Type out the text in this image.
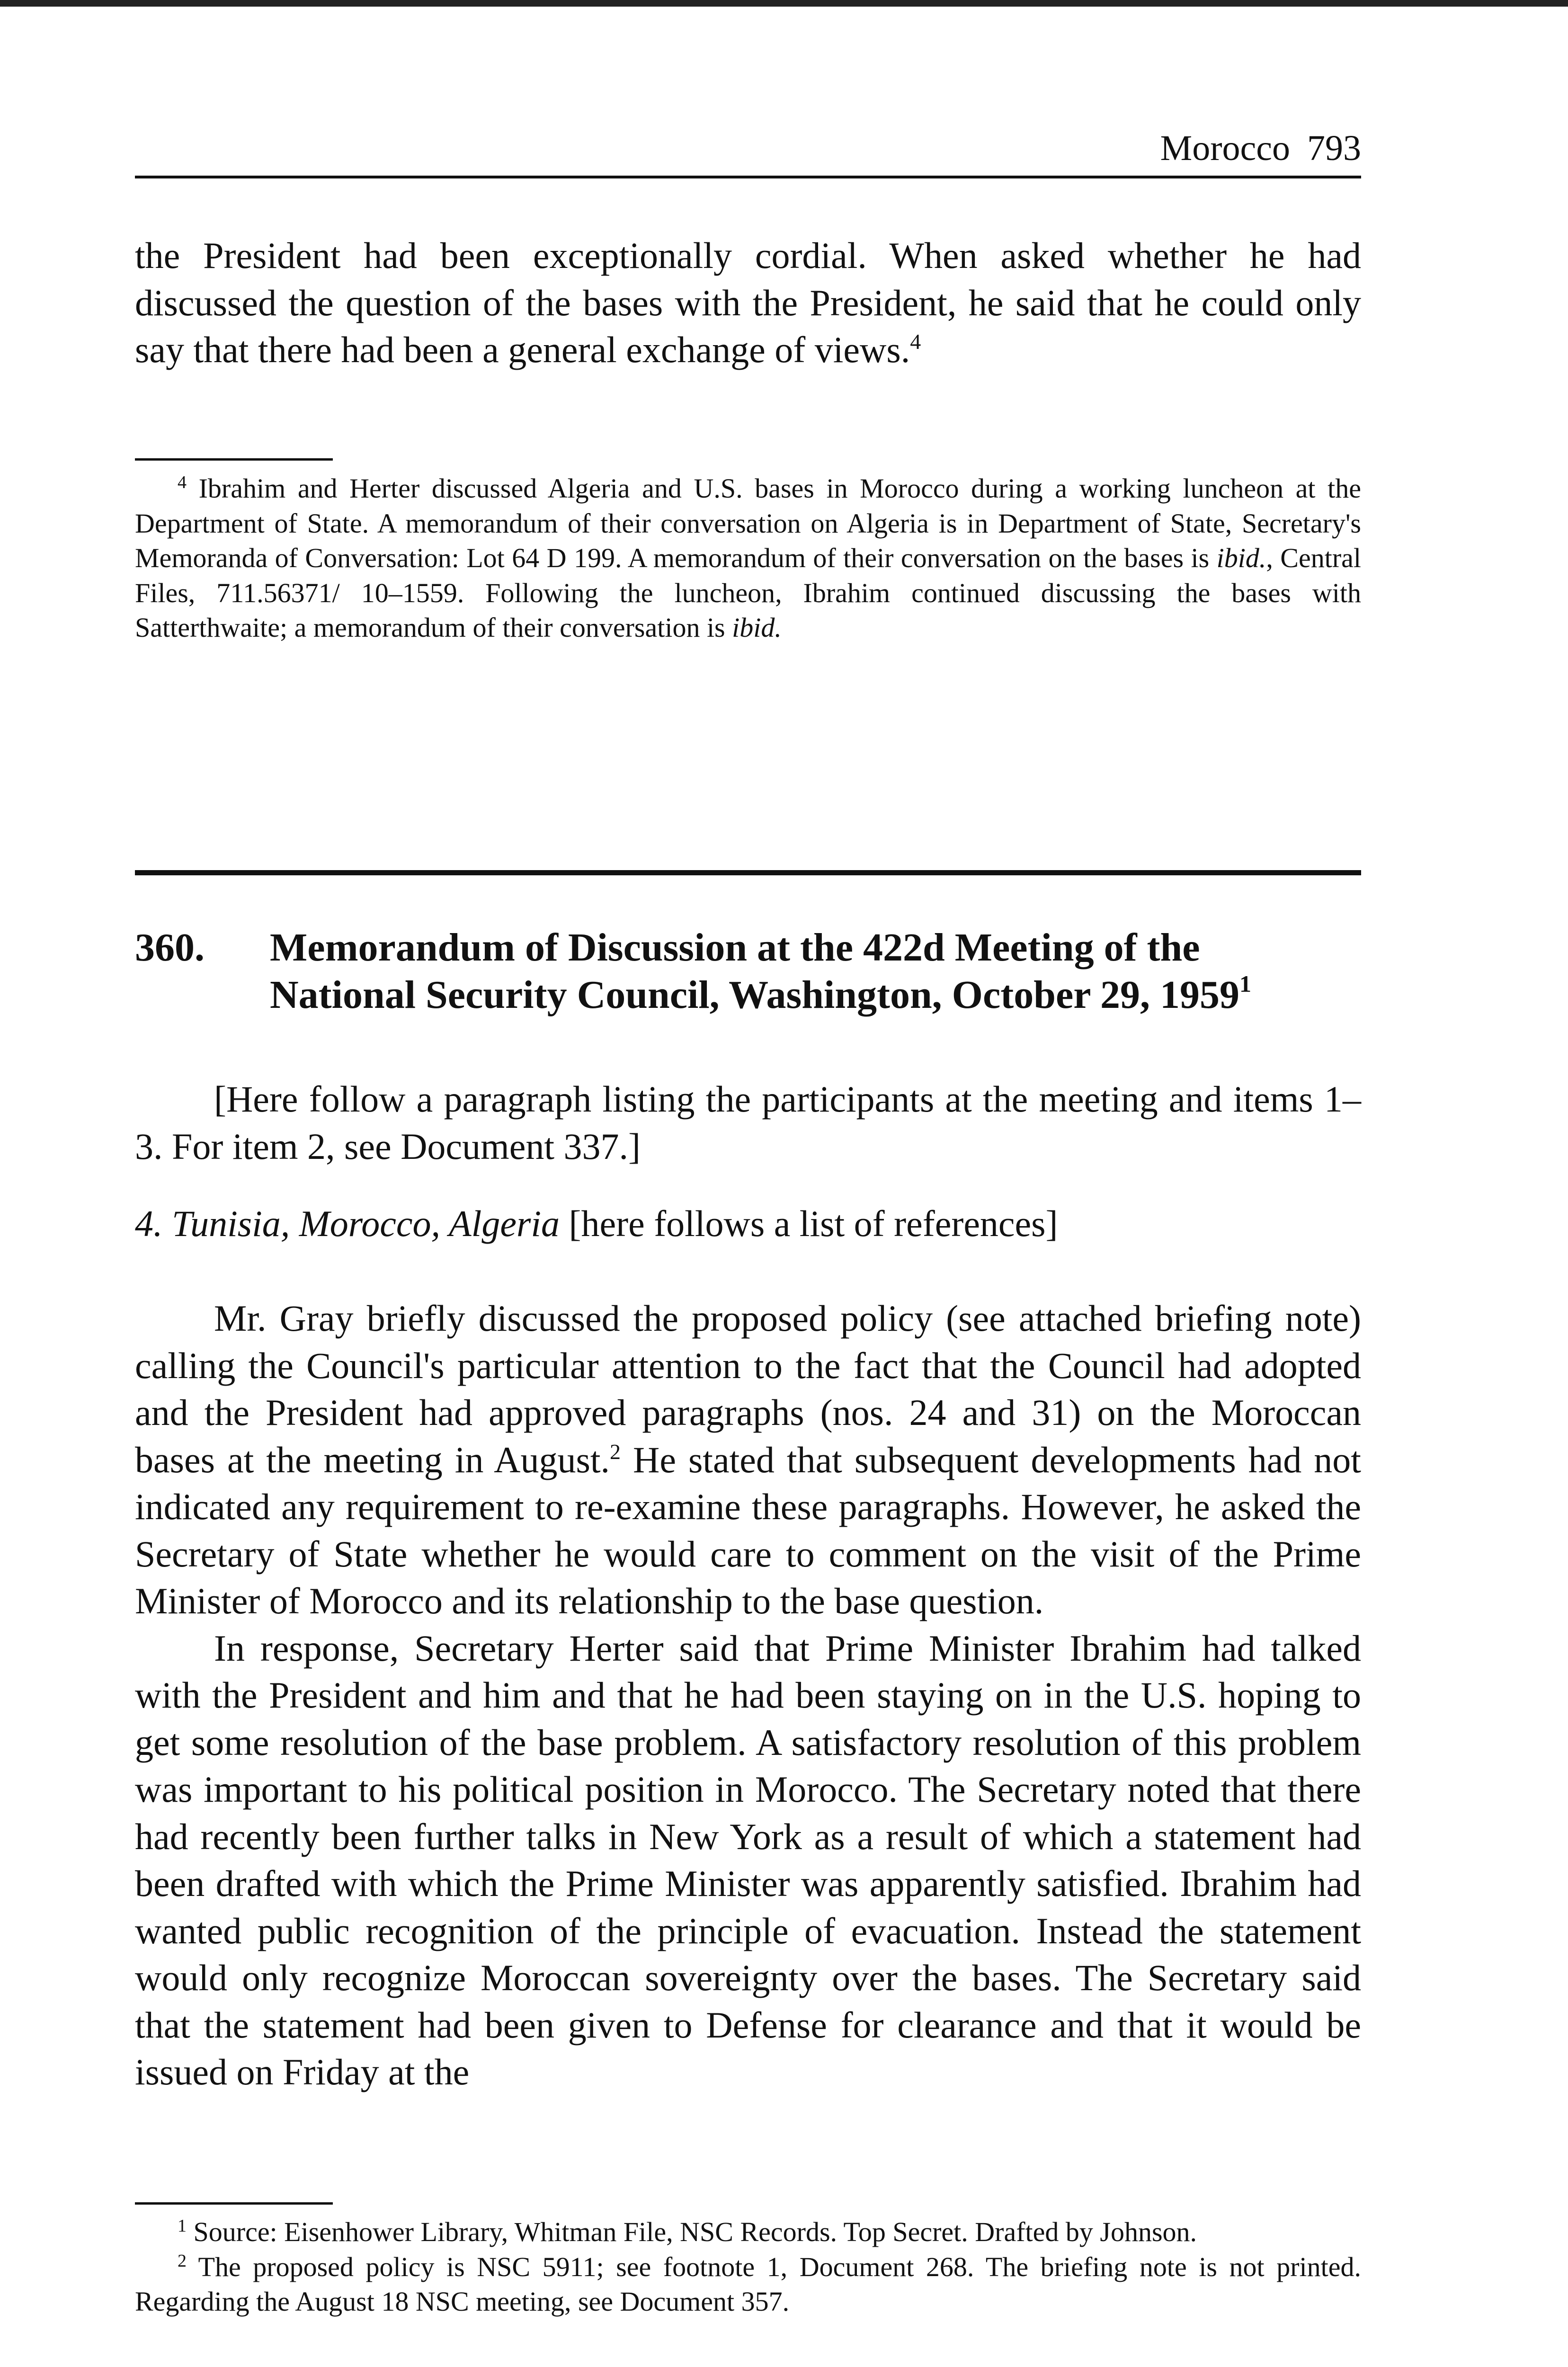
Morocco 793

the President had been exceptionally cordial. When asked whether he had discussed the question of the bases with the President, he said that he could only say that there had been a general exchange of views.$^4$

$^4$ Ibrahim and Herter discussed Algeria and U.S. bases in Morocco during a working luncheon at the Department of State. A memorandum of their conversation on Algeria is in Department of State, Secretary's Memoranda of Conversation: Lot 64 D 199. A memorandum of their conversation on the bases is ibid., Central Files, 711.56371/ 10–1559. Following the luncheon, Ibrahim continued discussing the bases with Satterthwaite; a memorandum of their conversation is ibid.

360. Memorandum of Discussion at the 422d Meeting of the
National Security Council, Washington, October 29, 1959$^1$

[Here follow a paragraph listing the participants at the meeting and items 1–3. For item 2, see Document 337.]

4. Tunisia, Morocco, Algeria [here follows a list of references]

Mr. Gray briefly discussed the proposed policy (see attached briefing note) calling the Council's particular attention to the fact that the Council had adopted and the President had approved paragraphs (nos. 24 and 31) on the Moroccan bases at the meeting in August.$^2$ He stated that subsequent developments had not indicated any requirement to re-examine these paragraphs. However, he asked the Secretary of State whether he would care to comment on the visit of the Prime Minister of Morocco and its relationship to the base question.

In response, Secretary Herter said that Prime Minister Ibrahim had talked with the President and him and that he had been staying on in the U.S. hoping to get some resolution of the base problem. A satisfactory resolution of this problem was important to his political position in Morocco. The Secretary noted that there had recently been further talks in New York as a result of which a statement had been drafted with which the Prime Minister was apparently satisfied. Ibrahim had wanted public recognition of the principle of evacuation. Instead the statement would only recognize Moroccan sovereignty over the bases. The Secretary said that the statement had been given to Defense for clearance and that it would be issued on Friday at the

$^1$ Source: Eisenhower Library, Whitman File, NSC Records. Top Secret. Drafted by Johnson.

$^2$ The proposed policy is NSC 5911; see footnote 1, Document 268. The briefing note is not printed. Regarding the August 18 NSC meeting, see Document 357.
